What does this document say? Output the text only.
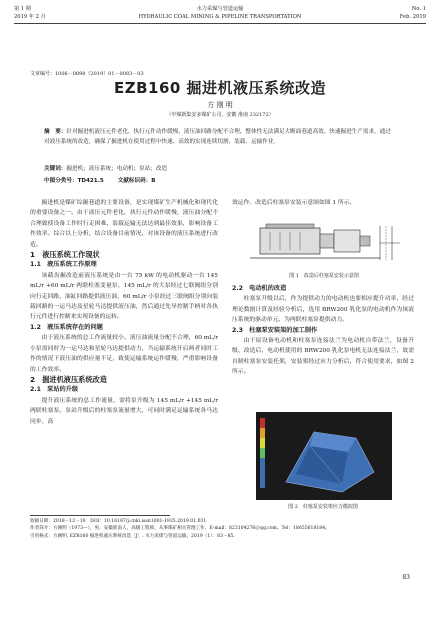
第 1 期	水力采煤与管道运输	No. 1
2019 年 2 月	HYDRAULIC COAL MINING & PIPELINE TRANSPORTATION	Feb. 2019
文章编号：1006－0898（2019）01－0083－03
EZB160 掘进机液压系统改造
方 刚 明
（中煤新集安多煤矿公司，安徽 淮南 232172）
摘　要：针对掘进机液压元件老化、执行元件动作缓慢、液压油回路分配不合理，整体性无法满足大断面巷道高效、快速掘进生产需求，通过对液压系统的改造，确保了掘进机在使用过程中快速、高效的实现连续切割、装载、运输作业。
关键词：掘进机；液压系统；电动机；泵站；改造
中图分类号：TD421.5	文献标识码：B

掘进机是煤矿综掘巷道的主要设备，是实现煤矿生产机械化和现代化的重要设备之一。由于液压元件老化，执行元件动作缓慢，液压油分配不合理致使设备工作时行走困难、装载运输无法达到最佳效果，影响设备工作效率。综合以上分析，结合设备目前情况，对该设备的液压系统进行改造。

1　液压系统工作现状

1.1　液压系统工作原理

该截齿掘改造前液压系统是由一台 75 kW 的电动机驱动一台 145 mL/r +60 mL/r 两联柱塞变量泵，145 mL/r 的大泵经过七联阀组分别向行走回路、油缸回路提供液压油，60 mL/r 小泵经过三联阀组分别向装载回路的一运马达及星轮马达提供液压油，然后通过先导控制手柄对各执行元件进行控制来实现设备的运转。

1.2　液压系统存在的问题

由于液压系统的总工作流量较小、液压油流量分配不合理，60 mL/r 小泵需同时为一运马达和星轮马达提供动力，当运输系统开启两者同时工作的情况下液压油的供应量不足，致使运输系统运作缓慢，严重影响设备的工作效率。

2　掘进机液压系统改造

2.1　泵站的升级

提升液压系统的总工作流量，需将泵升级为 145 mL/r +145 mL/r 两联柱塞泵。泵站升级后的柱塞泵流量增大，可同时满足运输系统各马达同步、高

效运作。改造后柱塞泵安装示意图如图 1 所示。

图 1　改造后柱塞泵安装示意图

2.2　电动机的改造

柱塞泵升级以后，作为提供动力的电动机也要相应提升功率，经过理论数据计算及经验分析后，选用 BRW200 乳化泵的电动机作为该液压系统的驱动单元，为两联柱塞泵提供动力。

2.3　柱塞泵安装架的加工制作

由于原设备电动机和柱塞泵连接法兰为电动机自带法兰，设备升级、改造后，电动机使用的 BRW200 乳化泵电机无法连接法兰，故需自制柱塞泵安装托架，安装架经过应力分析后，符合使用要求，如图 2 所示。

图 2　柱塞泵安装架应力模拟图
收稿日期：2018－12－10　DOI：10.16187/j.cnki.issn1001-1935.2019.01.031
作者简介：方刚明（1973—），男，安徽淮南人，高级工程师，从事煤矿相关管理工作。E-mail：823104276＠qq.com。Tel：18655618184。
引用格式：方刚明. EZB160 掘进机液压系统改造［J］. 水力采煤与管道运输，2019（1）：83－85.
83
